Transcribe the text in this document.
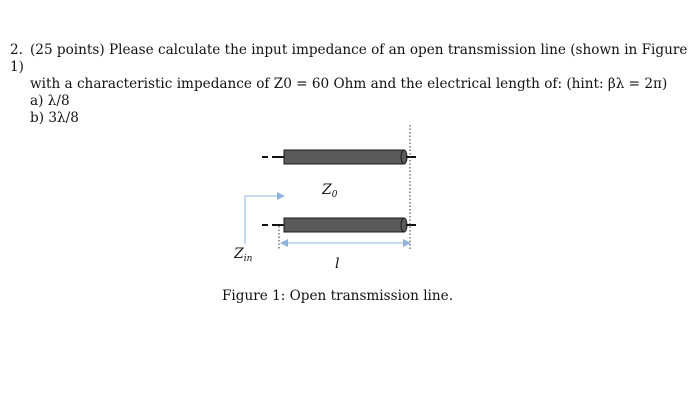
2. (25 points) Please calculate the input impedance of an open transmission line (shown in Figure 1)
with a characteristic impedance of Z0 = 60 Ohm and the electrical length of: (hint: βλ = 2π)
a) λ/8
b) 3λ/8
$Z_0$
$Z_{in}$	l
Figure 1: Open transmission line.
